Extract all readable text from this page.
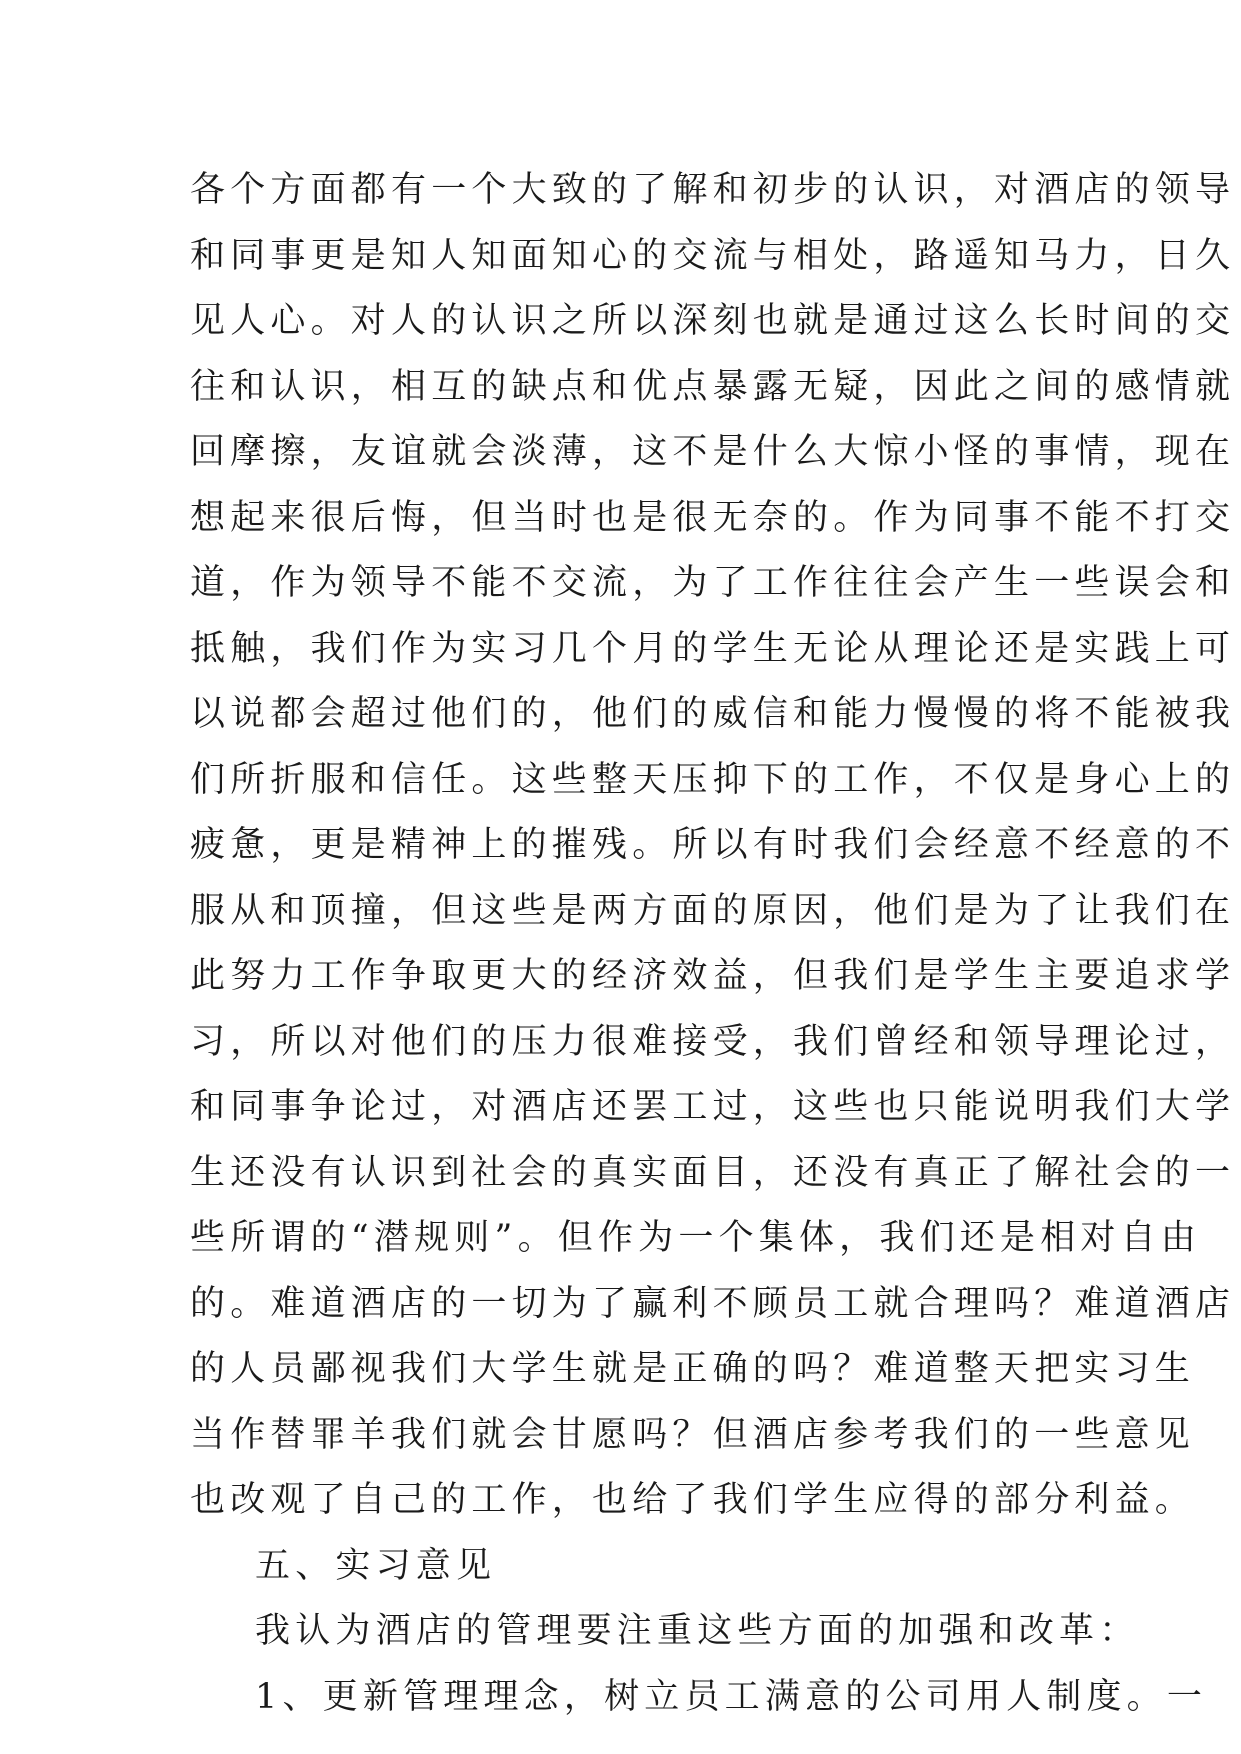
各个方面都有一个大致的了解和初步的认识，对酒店的领导
和同事更是知人知面知心的交流与相处，路遥知马力，日久
见人心。对人的认识之所以深刻也就是通过这么长时间的交
往和认识，相互的缺点和优点暴露无疑，因此之间的感情就
回摩擦，友谊就会淡薄，这不是什么大惊小怪的事情，现在
想起来很后悔，但当时也是很无奈的。作为同事不能不打交
道，作为领导不能不交流，为了工作往往会产生一些误会和
抵触，我们作为实习几个月的学生无论从理论还是实践上可
以说都会超过他们的，他们的威信和能力慢慢的将不能被我
们所折服和信任。这些整天压抑下的工作，不仅是身心上的
疲惫，更是精神上的摧残。所以有时我们会经意不经意的不
服从和顶撞，但这些是两方面的原因，他们是为了让我们在
此努力工作争取更大的经济效益，但我们是学生主要追求学
习，所以对他们的压力很难接受，我们曾经和领导理论过，
和同事争论过，对酒店还罢工过，这些也只能说明我们大学
生还没有认识到社会的真实面目，还没有真正了解社会的一
些所谓的“潜规则”。但作为一个集体，我们还是相对自由
的。难道酒店的一切为了赢利不顾员工就合理吗？难道酒店
的人员鄙视我们大学生就是正确的吗？难道整天把实习生
当作替罪羊我们就会甘愿吗？但酒店参考我们的一些意见
也改观了自己的工作，也给了我们学生应得的部分利益。
五、实习意见
我认为酒店的管理要注重这些方面的加强和改革：
1、更新管理理念，树立员工满意的公司用人制度。一
